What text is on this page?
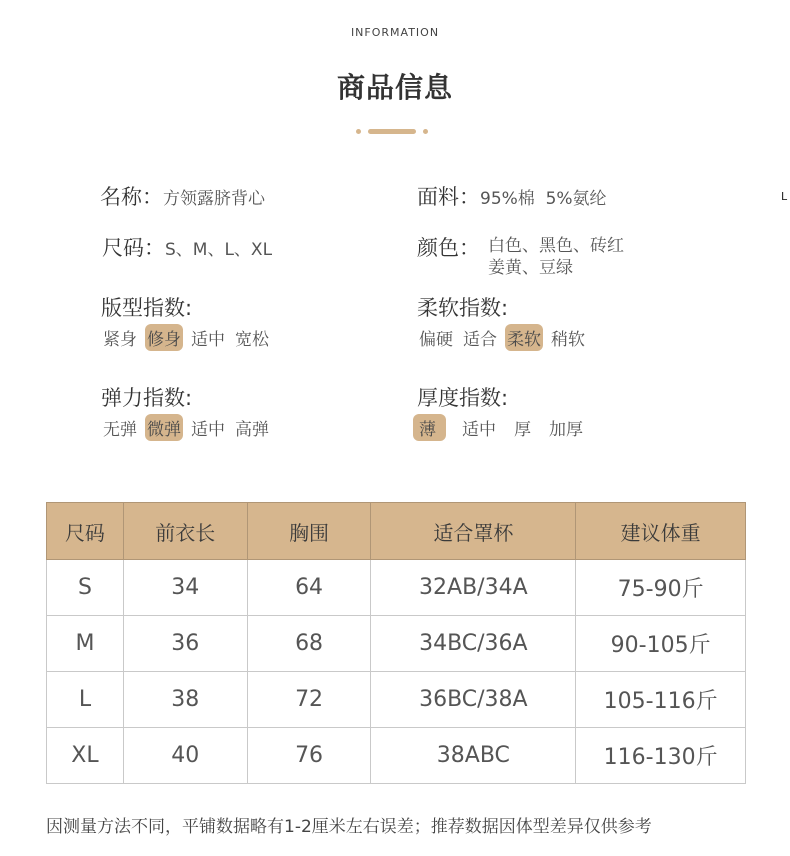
INFORMATION
商品信息
L
名称：方领露脐背心	面料：95%棉  5%氨纶
尺码：S、M、L、XL	颜色： 白色、黑色、砖红
姜黄、豆绿
版型指数:
紧身 修身 适中 宽松
柔软指数:
偏硬 适合 柔软 稍软
弹力指数:
无弹 微弹 适中 高弹
厚度指数:
薄	适中 厚 加厚
尺码	前衣长	胸围	适合罩杯	建议体重
S	34	64	32AB/34A	75-90斤
M	36	68	34BC/36A	90-105斤
L	38	72	36BC/38A	105-116斤
XL	40	76	38ABC	116-130斤
因测量方法不同，平铺数据略有1-2厘米左右误差；推荐数据因体型差异仅供参考
